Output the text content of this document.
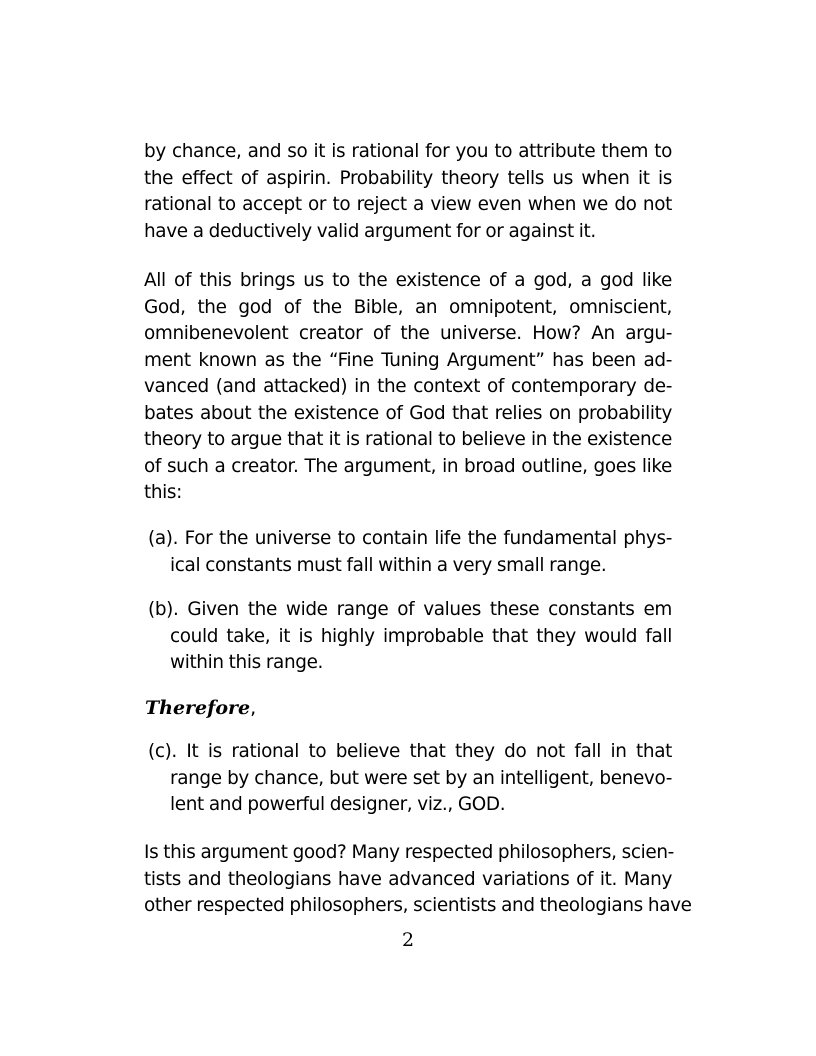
by chance, and so it is rational for you to attribute them to
the effect of aspirin. Probability theory tells us when it is
rational to accept or to reject a view even when we do not
have a deductively valid argument for or against it.
All of this brings us to the existence of a god, a god like
God, the god of the Bible, an omnipotent, omniscient,
omnibenevolent creator of the universe. How? An argu-
ment known as the “Fine Tuning Argument” has been ad-
vanced (and attacked) in the context of contemporary de-
bates about the existence of God that relies on probability
theory to argue that it is rational to believe in the existence
of such a creator. The argument, in broad outline, goes like
this:
(a). For the universe to contain life the fundamental phys-
ical constants must fall within a very small range.
(b). Given the wide range of values these constants em
could take, it is highly improbable that they would fall
within this range.
Therefore,
(c). It is rational to believe that they do not fall in that
range by chance, but were set by an intelligent, benevo-
lent and powerful designer, viz., GOD.
Is this argument good? Many respected philosophers, scien-
tists and theologians have advanced variations of it. Many
other respected philosophers, scientists and theologians have
2
